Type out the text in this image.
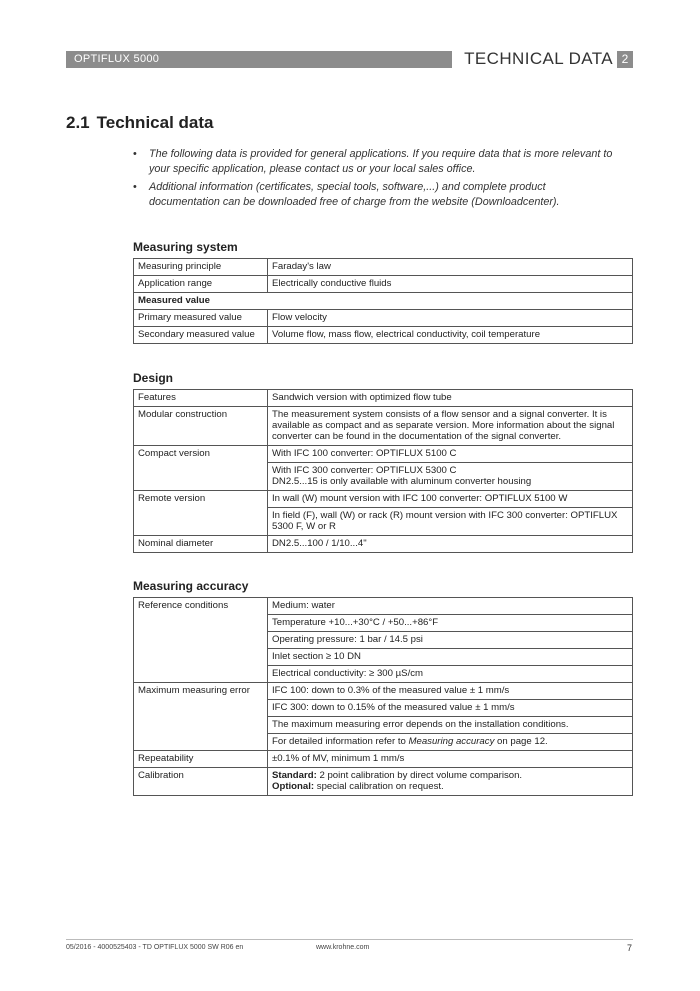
OPTIFLUX 5000	TECHNICAL DATA 2
2.1 Technical data
• The following data is provided for general applications. If you require data that is more relevant to your specific application, please contact us or your local sales office.
• Additional information (certificates, special tools, software,...) and complete product documentation can be downloaded free of charge from the website (Downloadcenter).
Measuring system
Measuring principle	Faraday's law
Application range	Electrically conductive fluids
Measured value	
Primary measured value	Flow velocity
Secondary measured value	Volume flow, mass flow, electrical conductivity, coil temperature
Design
Features	Sandwich version with optimized flow tube
Modular construction	The measurement system consists of a flow sensor and a signal converter. It is available as compact and as separate version. More information about the signal converter can be found in the documentation of the signal converter.
Compact version	With IFC 100 converter: OPTIFLUX 5100 C

	With IFC 300 converter: OPTIFLUX 5300 C
DN2.5...15 is only available with aluminum converter housing

Remote version	In wall (W) mount version with IFC 100 converter: OPTIFLUX 5100 W
	In field (F), wall (W) or rack (R) mount version with IFC 300 converter: OPTIFLUX 5300 F, W or R
Nominal diameter	DN2.5...100 / 1/10...4"
Measuring accuracy
Reference conditions	Medium: water
	Temperature +10...+30°C / +50...+86°F
	Operating pressure: 1 bar / 14.5 psi
	Inlet section ≥ 10 DN
	Electrical conductivity: ≥ 300 µS/cm
Maximum measuring error	IFC 100: down to 0.3% of the measured value ± 1 mm/s
	IFC 300: down to 0.15% of the measured value ± 1 mm/s
	The maximum measuring error depends on the installation conditions.
	For detailed information refer to Measuring accuracy on page 12.
Repeatability	±0.1% of MV, minimum 1 mm/s
Calibration	Standard: 2 point calibration by direct volume comparison.
Optional: special calibration on request.
05/2016 - 4000525403 - TD OPTIFLUX 5000 SW R06 en	www.krohne.com	7
